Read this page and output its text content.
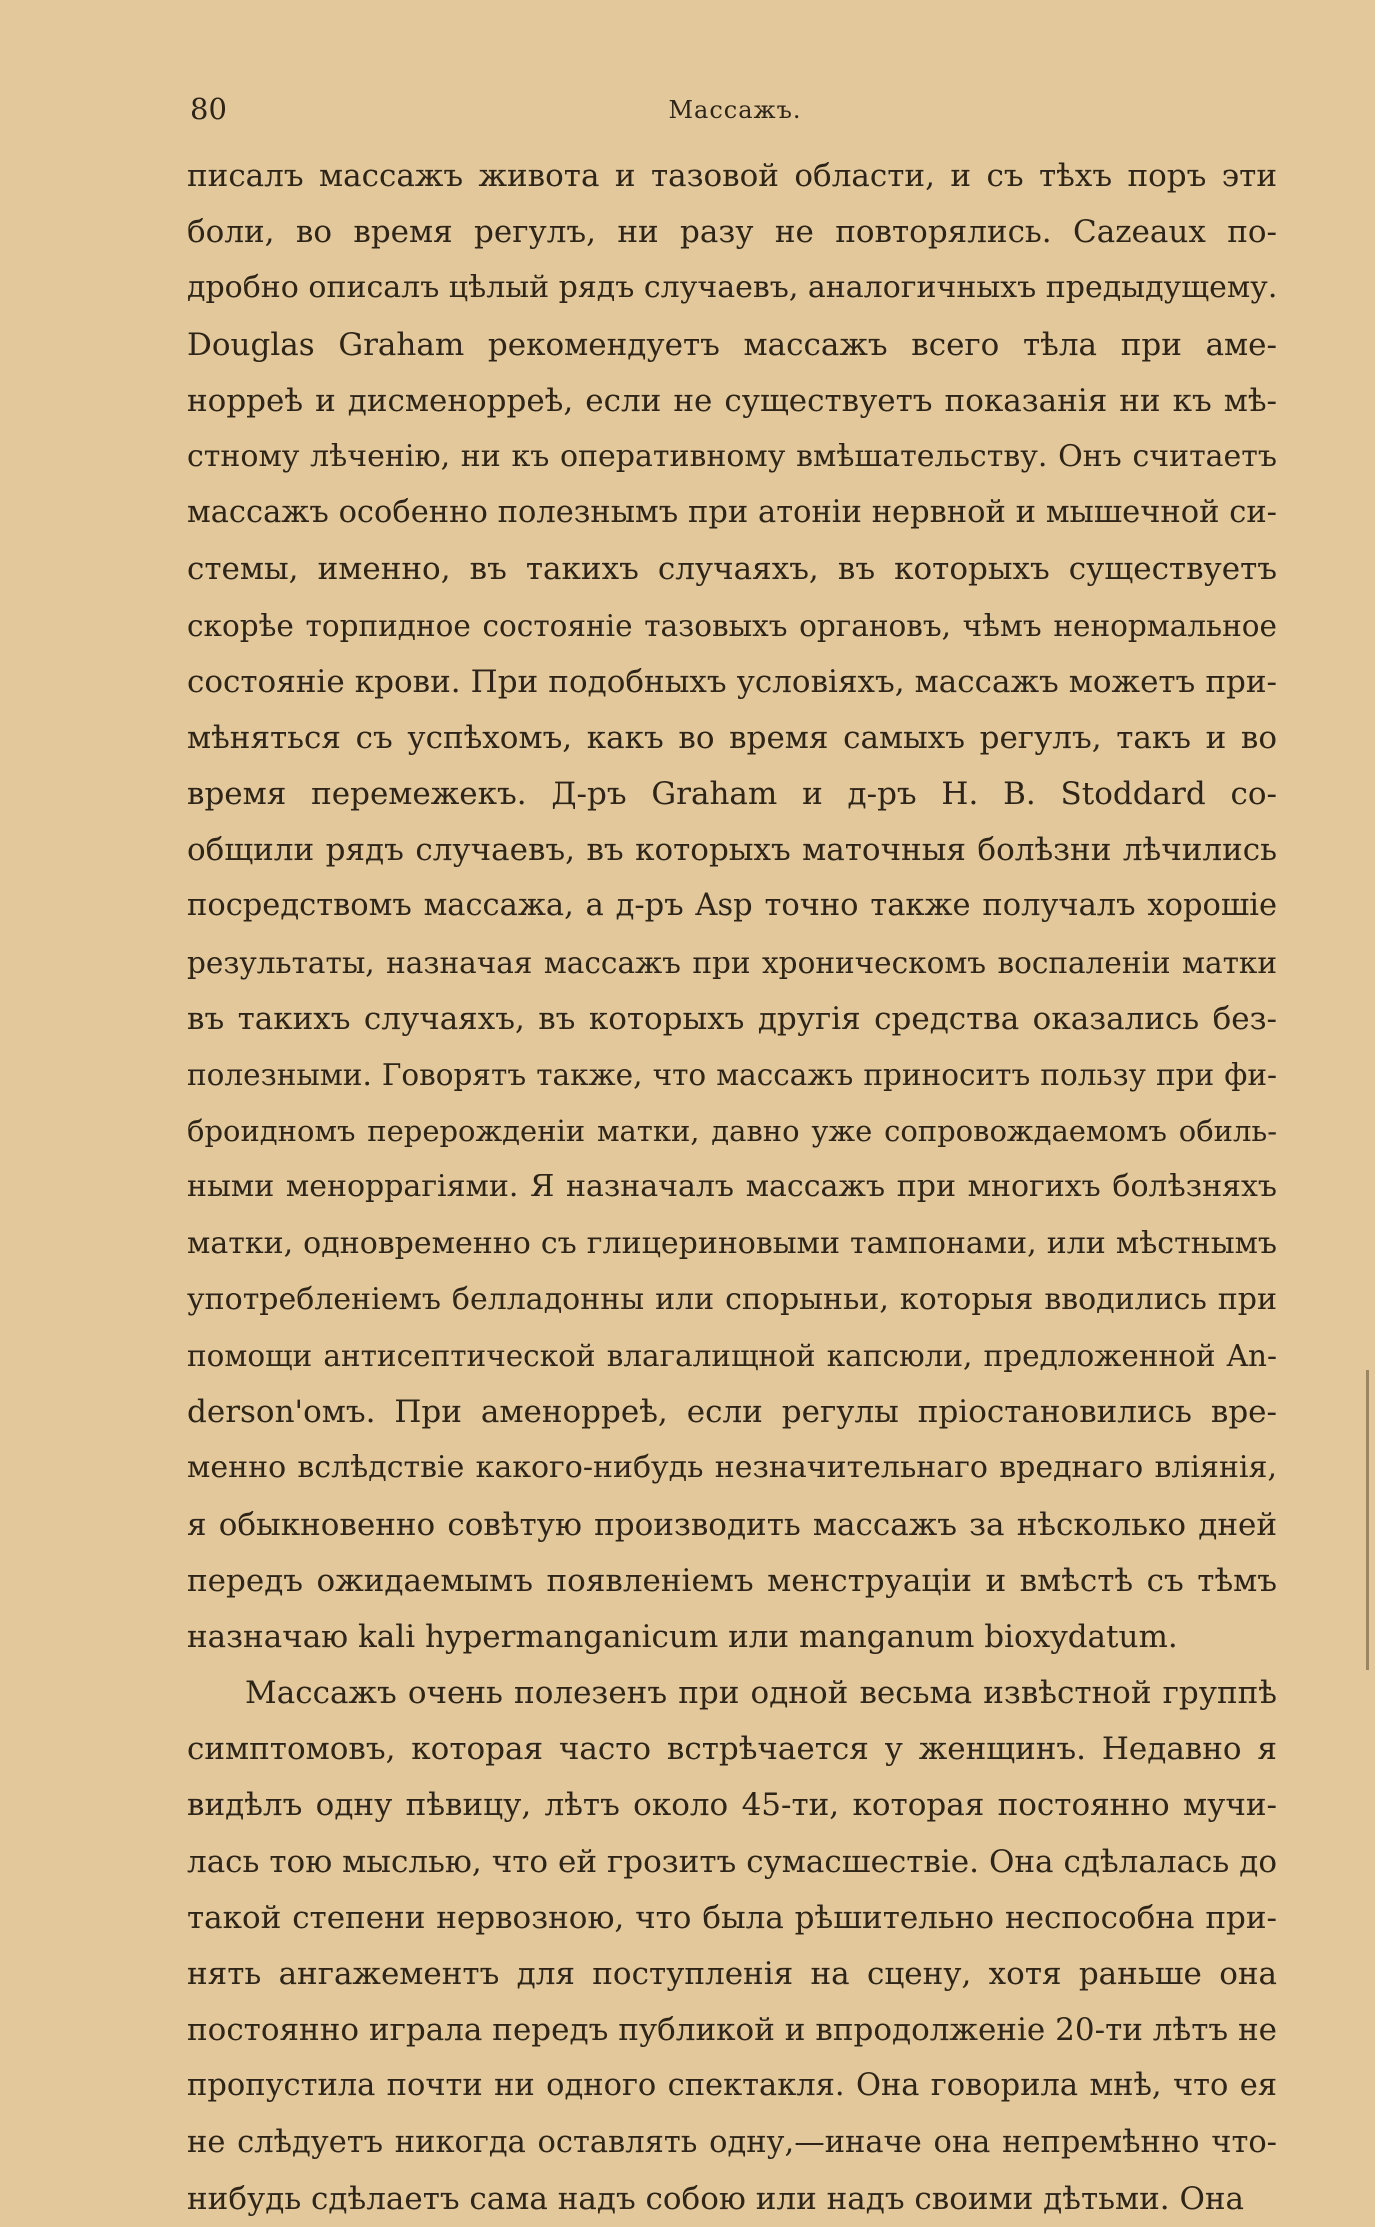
80	Массажъ.
писалъ массажъ живота и тазовой области, и съ тѣхъ поръ эти
боли, во время регулъ, ни разу не повторялись. Cazeaux по-
дробно описалъ цѣлый рядъ случаевъ, аналогичныхъ предыдущему.
Douglas Graham рекомендуетъ массажъ всего тѣла при аме-
норреѣ и дисменорреѣ, если не существуетъ показанія ни къ мѣ-
стному лѣченію, ни къ оперативному вмѣшательству. Онъ считаетъ
массажъ особенно полезнымъ при атоніи нервной и мышечной си-
стемы, именно, въ такихъ случаяхъ, въ которыхъ существуетъ
скорѣе торпидное состояніе тазовыхъ органовъ, чѣмъ ненормальное
состояніе крови. При подобныхъ условіяхъ, массажъ можетъ при-
мѣняться съ успѣхомъ, какъ во время самыхъ регулъ, такъ и во
время перемежекъ. Д-ръ Graham и д-ръ H. B. Stoddard со-
общили рядъ случаевъ, въ которыхъ маточныя болѣзни лѣчились
посредствомъ массажа, а д-ръ Asp точно также получалъ хорошіе
результаты, назначая массажъ при хроническомъ воспаленіи матки
въ такихъ случаяхъ, въ которыхъ другія средства оказались без-
полезными. Говорятъ также, что массажъ приноситъ пользу при фи-
броидномъ перерожденіи матки, давно уже сопровождаемомъ обиль-
ными меноррагіями. Я назначалъ массажъ при многихъ болѣзняхъ
матки, одновременно съ глицериновыми тампонами, или мѣстнымъ
употребленіемъ белладонны или спорыньи, которыя вводились при
помощи антисептической влагалищной капсюли, предложенной An-
derson'омъ. При аменорреѣ, если регулы пріостановились вре-
менно вслѣдствіе какого-нибудь незначительнаго вреднаго вліянія,
я обыкновенно совѣтую производить массажъ за нѣсколько дней
передъ ожидаемымъ появленіемъ менструаціи и вмѣстѣ съ тѣмъ
назначаю kali hypermanganicum или manganum bioxydatum.
Массажъ очень полезенъ при одной весьма извѣстной группѣ
симптомовъ, которая часто встрѣчается у женщинъ. Недавно я
видѣлъ одну пѣвицу, лѣтъ около 45-ти, которая постоянно мучи-
лась тою мыслью, что ей грозитъ сумасшествіе. Она сдѣлалась до
такой степени нервозною, что была рѣшительно неспособна при-
нять ангажементъ для поступленія на сцену, хотя раньше она
постоянно играла передъ публикой и впродолженіе 20-ти лѣтъ не
пропустила почти ни одного спектакля. Она говорила мнѣ, что ея
не слѣдуетъ никогда оставлять одну,—иначе она непремѣнно что-
нибудь сдѣлаетъ сама надъ собою или надъ своими дѣтьми. Она
